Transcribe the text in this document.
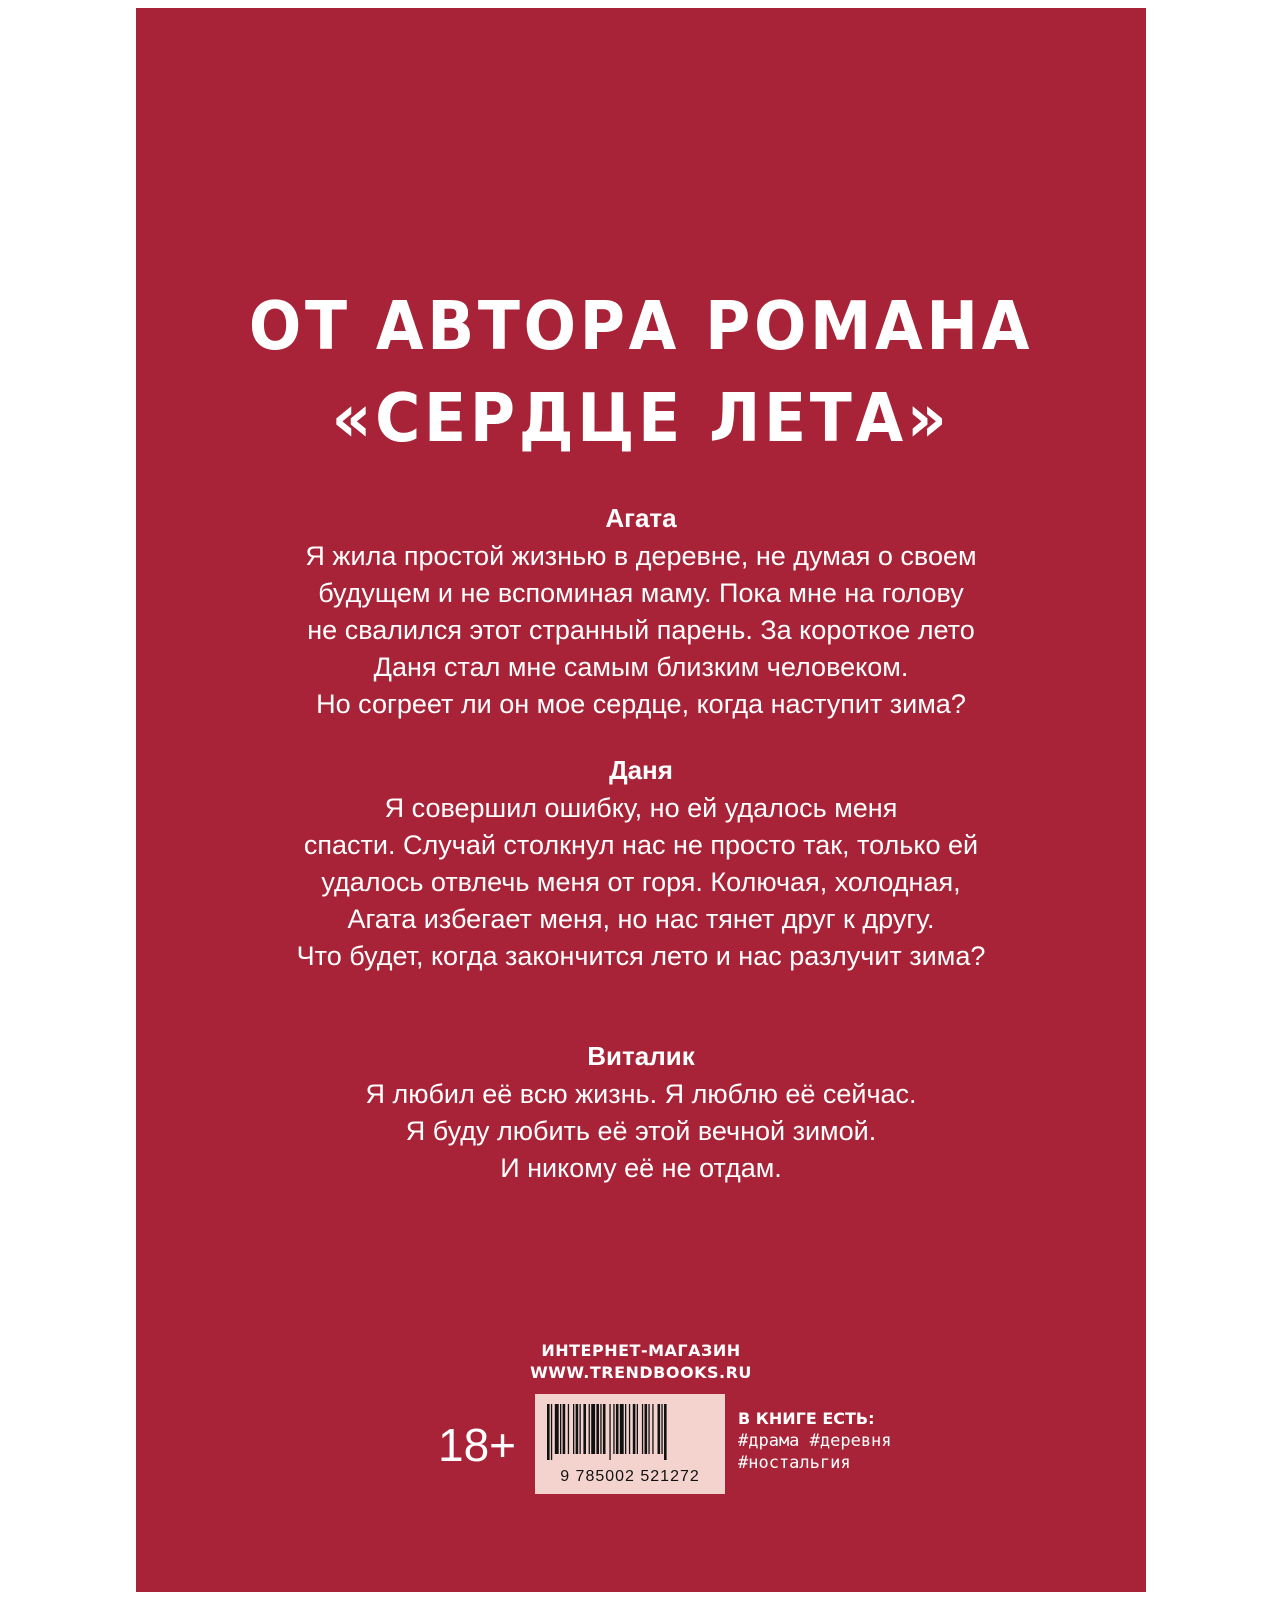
ОТ АВТОРА РОМАНА
«СЕРДЦЕ ЛЕТА»
Агата
Я жила простой жизнью в деревне, не думая о своем
будущем и не вспоминая маму. Пока мне на голову
не свалился этот странный парень. За короткое лето
Даня стал мне самым близким человеком.
Но согреет ли он мое сердце, когда наступит зима?
Даня
Я совершил ошибку, но ей удалось меня
спасти. Случай столкнул нас не просто так, только ей
удалось отвлечь меня от горя. Колючая, холодная,
Агата избегает меня, но нас тянет друг к другу.
Что будет, когда закончится лето и нас разлучит зима?
Виталик
Я любил её всю жизнь. Я люблю её сейчас.
Я буду любить её этой вечной зимой.
И никому её не отдам.
ИНТЕРНЕТ-МАГАЗИН
WWW.TRENDBOOKS.RU
18+
9 785002 521272
В КНИГЕ ЕСТЬ:
#драма #деревня
#ностальгия
